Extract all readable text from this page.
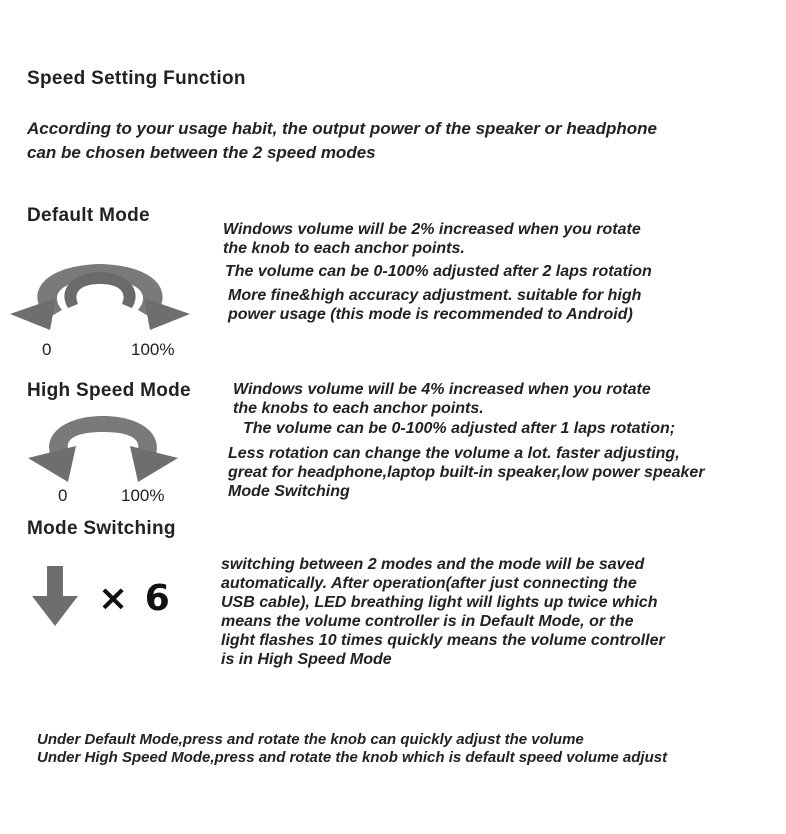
Speed Setting Function
According to your usage habit, the output power of the speaker or headphone
can be chosen between the 2 speed modes
Default Mode
Windows volume will be 2% increased when you rotate
the knob to each anchor points.
The volume can be 0-100% adjusted after 2 laps rotation
More fine&high accuracy adjustment. suitable for high
power usage (this mode is recommended to Android)
0	100%
High Speed Mode	Windows volume will be 4% increased when you rotate
the knobs to each anchor points.
The volume can be 0-100% adjusted after 1 laps rotation;
Less rotation can change the volume a lot. faster adjusting,
great for headphone,laptop built-in speaker,low power speaker
Mode Switching
0	100%
Mode Switching
× 6
switching between 2 modes and the mode will be saved
automatically. After operation(after just connecting the
USB cable), LED breathing light will lights up twice which
means the volume controller is in Default Mode, or the
light flashes 10 times quickly means the volume controller
is in High Speed Mode
Under Default Mode,press and rotate the knob can quickly adjust the volume
Under High Speed Mode,press and rotate the knob which is default speed volume adjust
